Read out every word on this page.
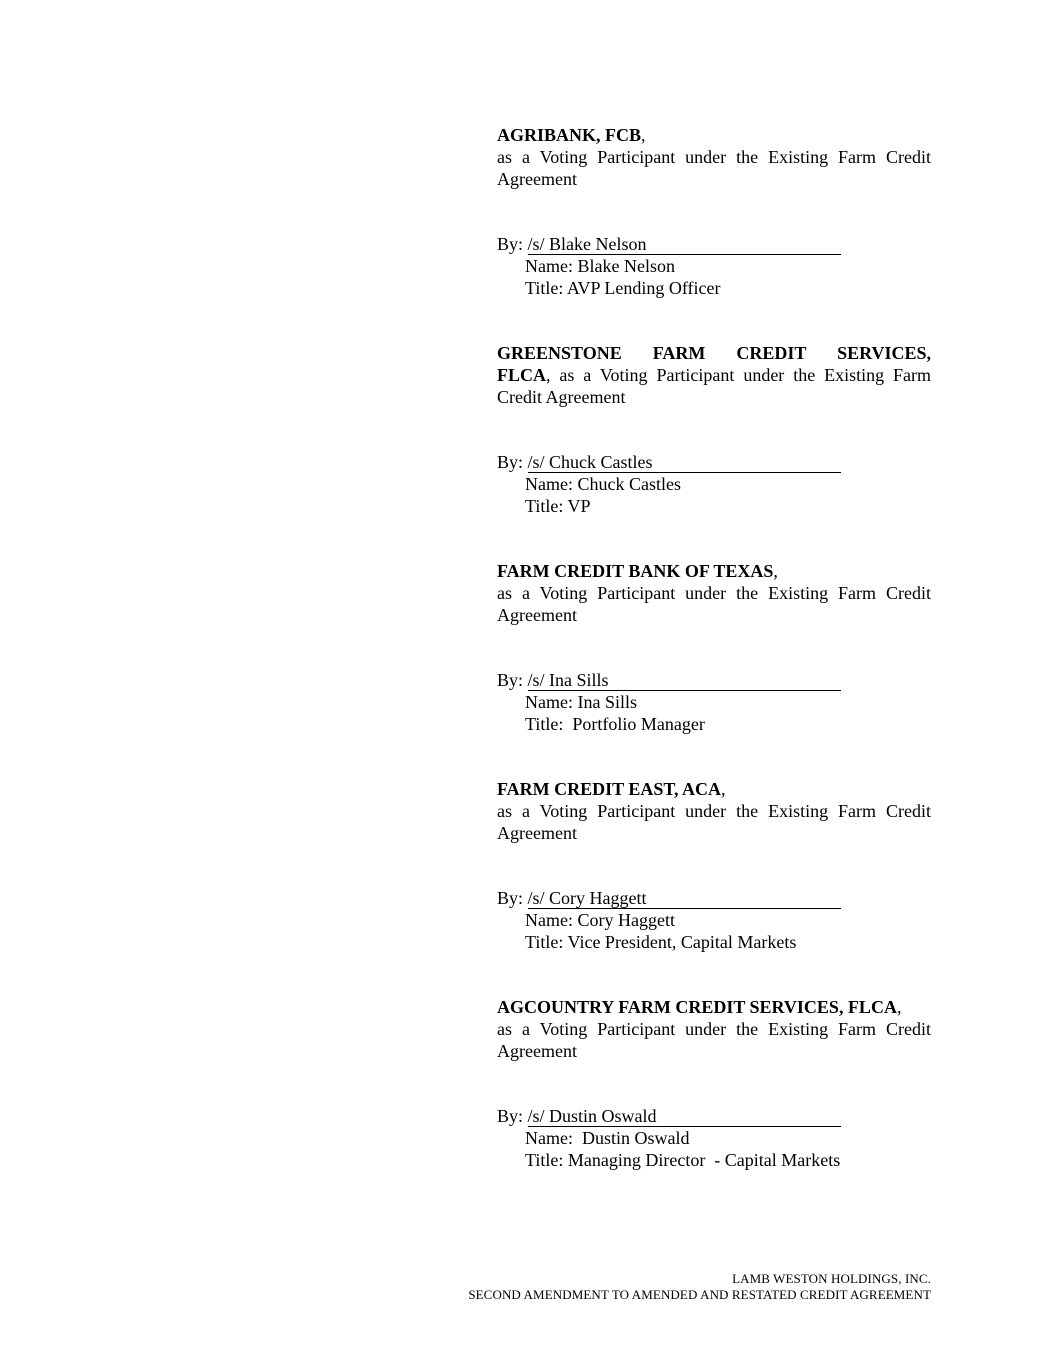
AGRIBANK, FCB,
as a Voting Participant under the Existing Farm Credit
Agreement
By: /s/ Blake Nelson
Name: Blake Nelson
Title: AVP Lending Officer
GREENSTONE FARM CREDIT SERVICES,
FLCA, as a Voting Participant under the Existing Farm
Credit Agreement
By: /s/ Chuck Castles
Name: Chuck Castles
Title: VP
FARM CREDIT BANK OF TEXAS,
as a Voting Participant under the Existing Farm Credit
Agreement
By: /s/ Ina Sills
Name: Ina Sills
Title:  Portfolio Manager
FARM CREDIT EAST, ACA,
as a Voting Participant under the Existing Farm Credit
Agreement
By: /s/ Cory Haggett
Name: Cory Haggett
Title: Vice President, Capital Markets
AGCOUNTRY FARM CREDIT SERVICES, FLCA,
as a Voting Participant under the Existing Farm Credit
Agreement
By: /s/ Dustin Oswald
Name:  Dustin Oswald
Title: Managing Director  - Capital Markets
LAMB WESTON HOLDINGS, INC.
SECOND AMENDMENT TO AMENDED AND RESTATED CREDIT AGREEMENT
